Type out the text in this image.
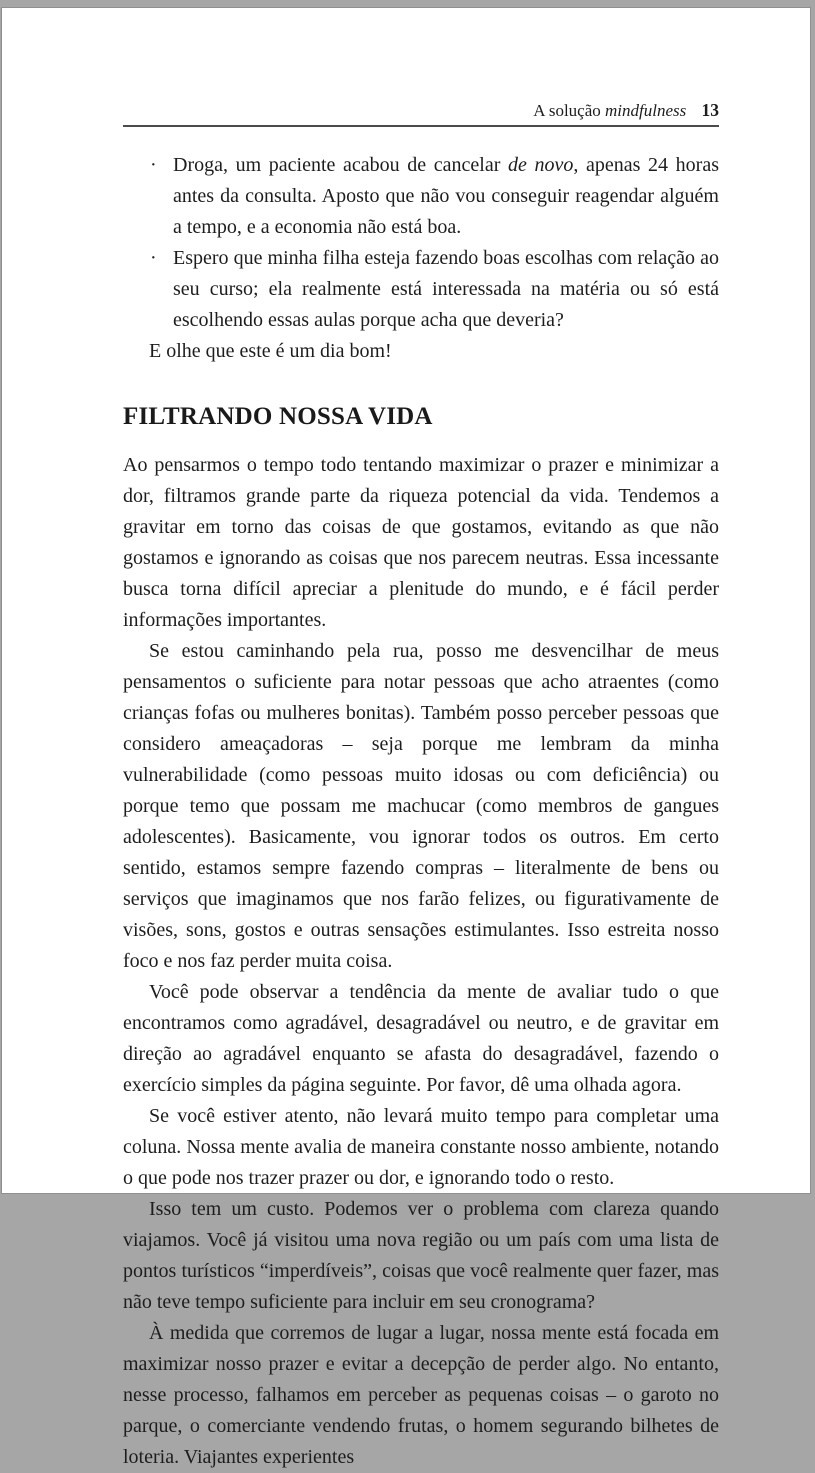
A solução mindfulness 13
· Droga, um paciente acabou de cancelar de novo, apenas 24 horas antes da consulta. Aposto que não vou conseguir reagendar alguém a tempo, e a economia não está boa.
· Espero que minha filha esteja fazendo boas escolhas com relação ao seu curso; ela realmente está interessada na matéria ou só está escolhendo essas aulas porque acha que deveria?

E olhe que este é um dia bom!

FILTRANDO NOSSA VIDA

Ao pensarmos o tempo todo tentando maximizar o prazer e minimizar a dor, filtramos grande parte da riqueza potencial da vida. Tendemos a gravitar em torno das coisas de que gostamos, evitando as que não gostamos e ignorando as coisas que nos parecem neutras. Essa incessante busca torna difícil apreciar a plenitude do mundo, e é fácil perder informações importantes.

Se estou caminhando pela rua, posso me desvencilhar de meus pensamentos o suficiente para notar pessoas que acho atraentes (como crianças fofas ou mulheres bonitas). Também posso perceber pessoas que considero ameaçadoras – seja porque me lembram da minha vulnerabilidade (como pessoas muito idosas ou com deficiência) ou porque temo que possam me machucar (como membros de gangues adolescentes). Basicamente, vou ignorar todos os outros. Em certo sentido, estamos sempre fazendo compras – literalmente de bens ou serviços que imaginamos que nos farão felizes, ou figurativamente de visões, sons, gostos e outras sensações estimulantes. Isso estreita nosso foco e nos faz perder muita coisa.

Você pode observar a tendência da mente de avaliar tudo o que encontramos como agradável, desagradável ou neutro, e de gravitar em direção ao agradável enquanto se afasta do desagradável, fazendo o exercício simples da página seguinte. Por favor, dê uma olhada agora.

Se você estiver atento, não levará muito tempo para completar uma coluna. Nossa mente avalia de maneira constante nosso ambiente, notando o que pode nos trazer prazer ou dor, e ignorando todo o resto.

Isso tem um custo. Podemos ver o problema com clareza quando viajamos. Você já visitou uma nova região ou um país com uma lista de pontos turísticos “imperdíveis”, coisas que você realmente quer fazer, mas não teve tempo suficiente para incluir em seu cronograma?

À medida que corremos de lugar a lugar, nossa mente está focada em maximizar nosso prazer e evitar a decepção de perder algo. No entanto, nesse processo, falhamos em perceber as pequenas coisas – o garoto no parque, o comerciante vendendo frutas, o homem segurando bilhetes de loteria. Viajantes experientes
